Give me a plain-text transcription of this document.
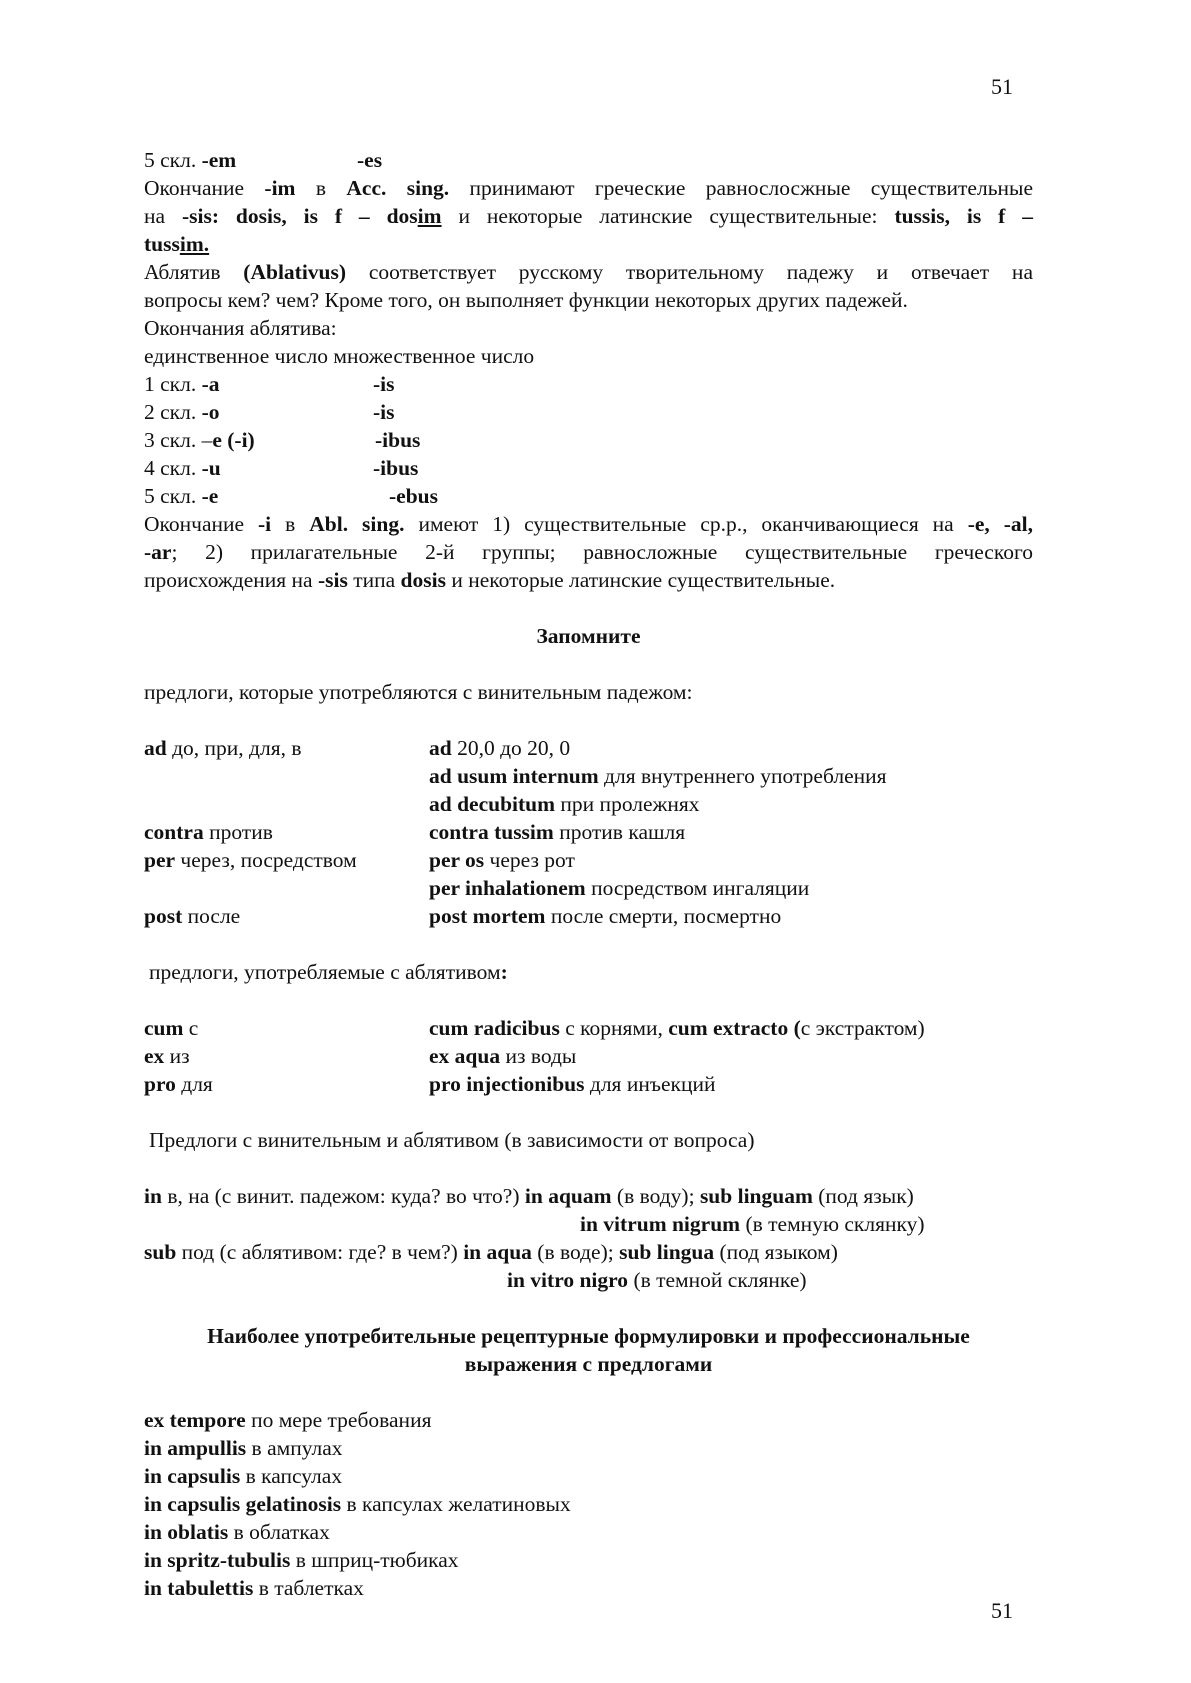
51
5 скл. -em	-es
Окончание -im в Acc. sing. принимают греческие равнослосжные существительные
на -sis: dosis, is f – dosim и некоторые латинские существительные: tussis, is f –
tussim.
Аблятив (Ablativus) соответствует русскому творительному падежу и отвечает на
вопросы кем? чем? Кроме того, он выполняет функции некоторых других падежей.
Окончания аблятива:
единственное число множественное число
1 скл. -a	-is
2 скл. -o	-is
3 скл. –e (-i)	-ibus
4 скл. -u	-ibus
5 скл. -e	-ebus
Окончание -i в Abl. sing. имеют 1) существительные ср.р., оканчивающиеся на -e, -al,
-ar; 2) прилагательные 2-й группы; равносложные существительные греческого
происхождения на -sis типа dosis и некоторые латинские существительные.
Запомните
предлоги, которые употребляются с винительным падежом:
ad до, при, для, в	ad 20,0 до 20, 0
ad usum internum для внутреннего употребления
ad decubitum при пролежнях
contra против	contra tussim против кашля
per через, посредством	per os через рот
per inhalationem посредством ингаляции
post после	post mortem после смерти, посмертно
предлоги, употребляемые с аблятивом:
cum с	cum radicibus с корнями, cum extracto (с экстрактом)
ex из	ex aqua из воды
pro для	pro injectionibus для инъекций
Предлоги с винительным и аблятивом (в зависимости от вопроса)
in в, на (с винит. падежом: куда? во что?) in aquam (в воду); sub linguam (под язык)
in vitrum nigrum (в темную склянку)
sub под (с аблятивом: где? в чем?) in aqua (в воде); sub lingua (под языком)
in vitro nigro (в темной склянке)
Наиболее употребительные рецептурные формулировки и профессиональные
выражения с предлогами
ex tempore по мере требования
in ampullis в ампулах
in capsulis в капсулах
in capsulis gelatinosis в капсулах желатиновых
in oblatis в облатках
in spritz-tubulis в шприц-тюбиках
in tabulettis в таблетках
51
